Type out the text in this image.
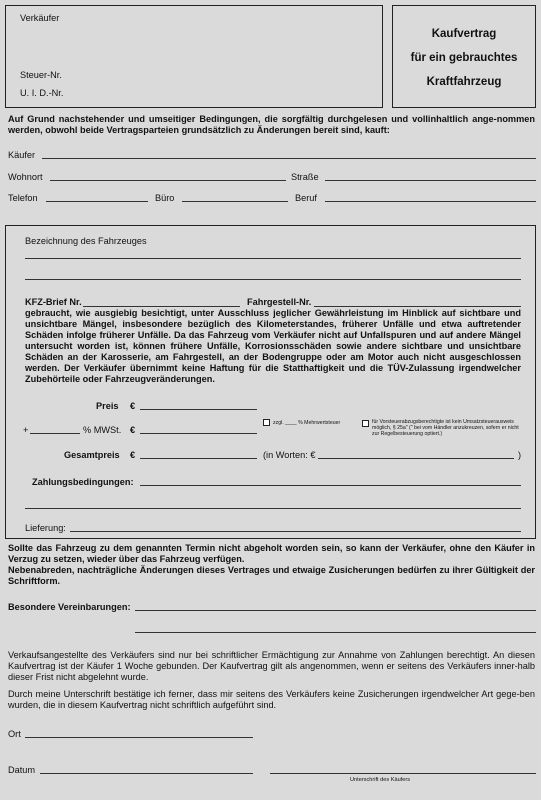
Verkäufer
Steuer-Nr.
U. I. D.-Nr.
Kaufvertrag
für ein gebrauchtes
Kraftfahrzeug
Auf Grund nachstehender und umseitiger Bedingungen, die sorgfältig durchgelesen und vollinhaltlich ange-nommen werden, obwohl beide Vertragsparteien grundsätzlich zu Änderungen bereit sind, kauft:
Käufer
Wohnort	Straße
Telefon	Büro	Beruf
Bezeichnung des Fahrzeuges
KFZ-Brief Nr.	Fahrgestell-Nr.
gebraucht, wie ausgiebig besichtigt, unter Ausschluss jeglicher Gewährleistung im Hinblick auf sichtbare und unsichtbare Mängel, insbesondere bezüglich des Kilometerstandes, früherer Unfälle und etwa auftretender Schäden infolge früherer Unfälle. Da das Fahrzeug vom Verkäufer nicht auf Unfallspuren und auf andere Mängel untersucht worden ist, können frühere Unfälle, Korrosionsschäden sowie andere sichtbare und unsichtbare Schäden an der Karosserie, am Fahrgestell, an der Bodengruppe oder am Motor auch nicht ausgeschlossen werden. Der Verkäufer übernimmt keine Haftung für die Statthaftigkeit und die TÜV-Zulassung irgendwelcher Zubehörteile oder Fahrzeugveränderungen.
Preis €
+	% MWSt. €
zzgl. ____ % Mehrwertsteuer	für Vorsteuerabzugsberechtigte ist kein Umsatzsteuerausweis möglich, § 25a" (" bei vom Händler anzukreuzen, sofern er nicht zur Regelbesteuerung optiert.)
Gesamtpreis €	(in Worten: €	)
Zahlungsbedingungen:
Lieferung:
Sollte das Fahrzeug zu dem genannten Termin nicht abgeholt worden sein, so kann der Verkäufer, ohne den Käufer in Verzug zu setzen, wieder über das Fahrzeug verfügen.
Nebenabreden, nachträgliche Änderungen dieses Vertrages und etwaige Zusicherungen bedürfen zu ihrer Gültigkeit der Schriftform.
Besondere Vereinbarungen:
Verkaufsangestellte des Verkäufers sind nur bei schriftlicher Ermächtigung zur Annahme von Zahlungen berechtigt. An diesen Kaufvertrag ist der Käufer 1 Woche gebunden. Der Kaufvertrag gilt als angenommen, wenn er seitens des Verkäufers inner-halb dieser Frist nicht abgelehnt wurde.
Durch meine Unterschrift bestätige ich ferner, dass mir seitens des Verkäufers keine Zusicherungen irgendwelcher Art gege-ben wurden, die in diesem Kaufvertrag nicht schriftlich aufgeführt sind.
Ort
Datum
Unterschrift des Käufers
